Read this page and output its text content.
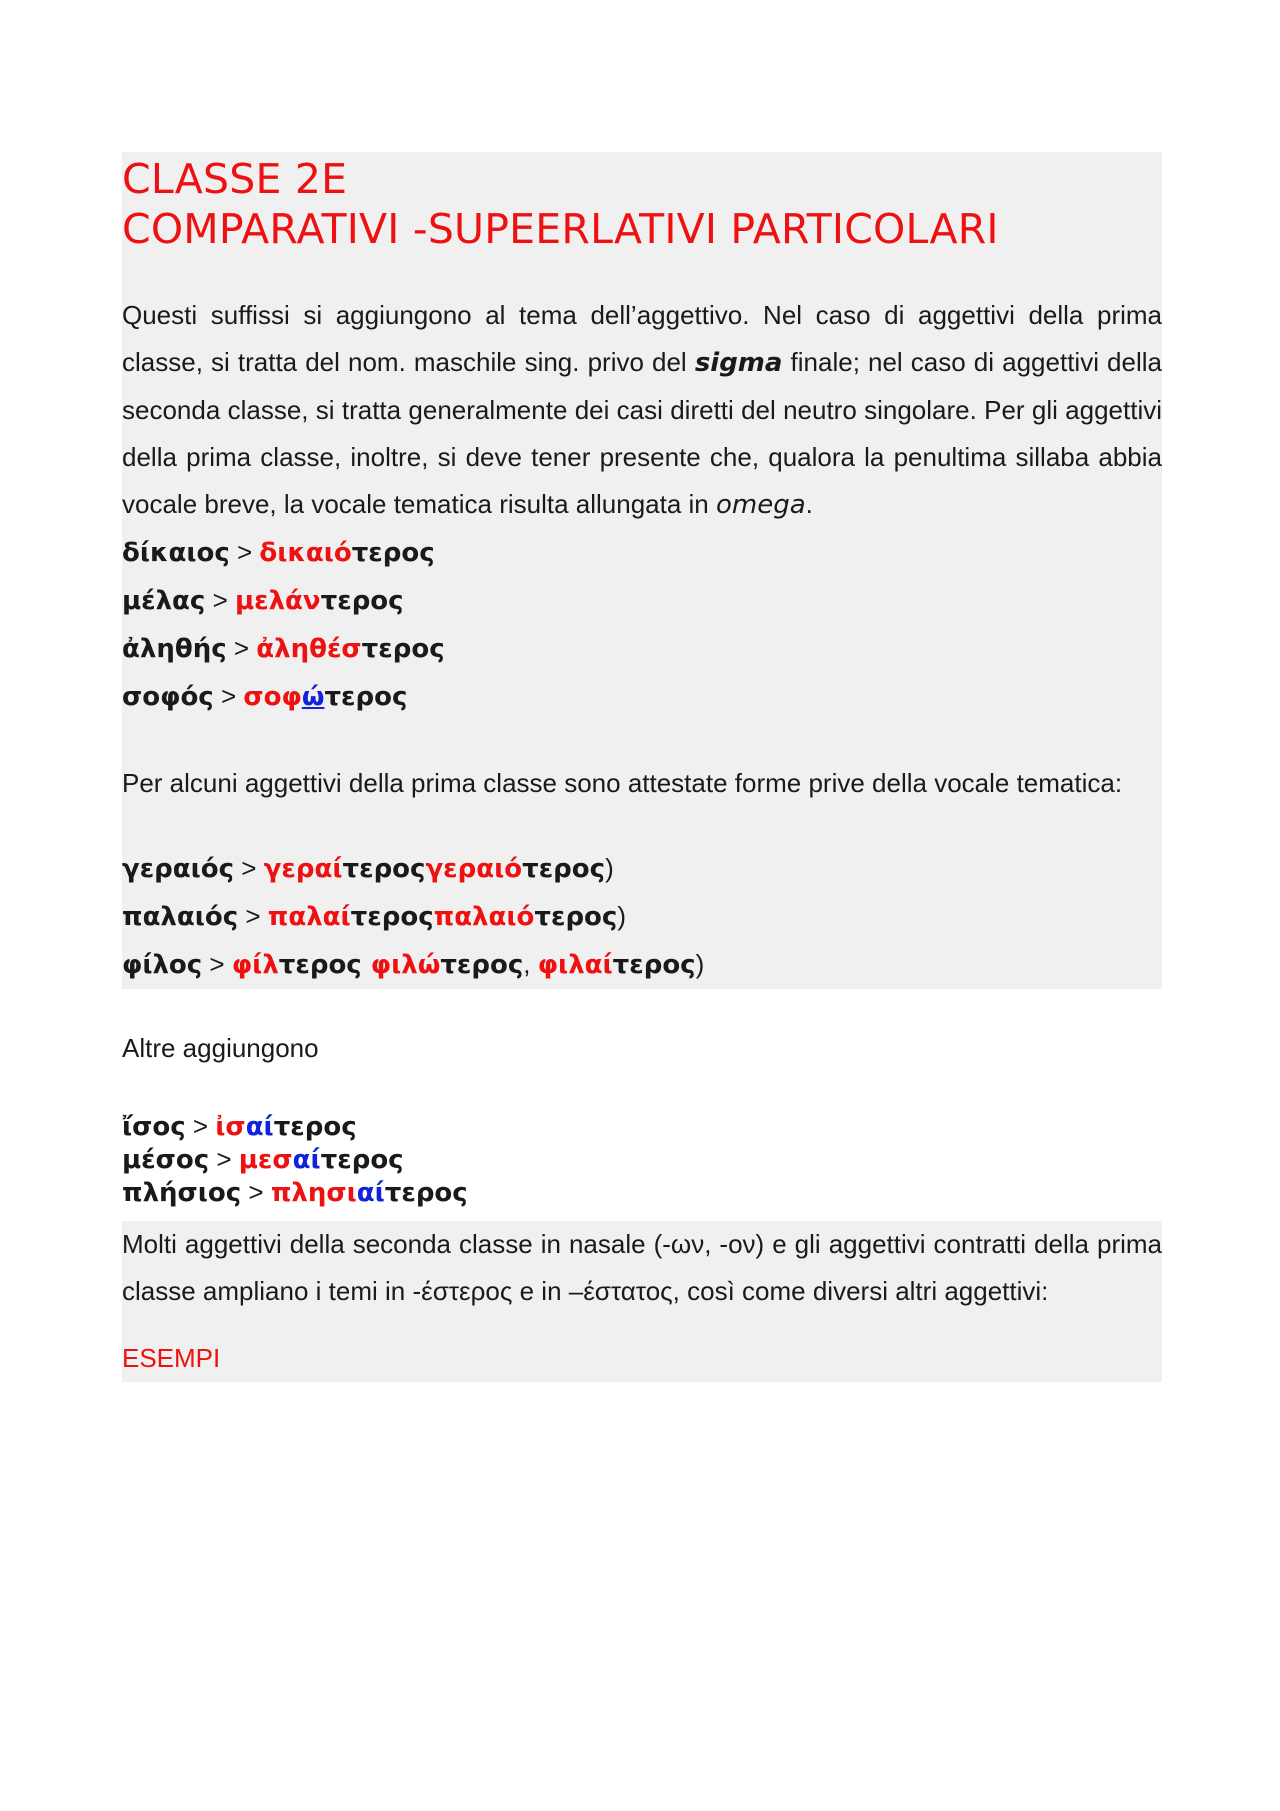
CLASSE 2E
COMPARATIVI -SUPEERLATIVI PARTICOLARI
Questi suffissi si aggiungono al tema dell’aggettivo. Nel caso di aggettivi della prima classe, si tratta del nom. maschile sing. privo del sigma finale; nel caso di aggettivi della seconda classe, si tratta generalmente dei casi diretti del neutro singolare. Per gli aggettivi della prima classe, inoltre, si deve tener presente che, qualora la penultima sillaba abbia vocale breve, la vocale tematica risulta allungata in omega.
δίκαιος > δικαιότερος
μέλας > μελάντερος
ἀληθής > ἀληθέστερος
σοφός > σοφώτερος
Per alcuni aggettivi della prima classe sono attestate forme prive della vocale tematica:
γεραιός > γεραίτεροςγεραιότερος)
παλαιός > παλαίτεροςπαλαιότερος)
φίλος > φίλτερος φιλώτερος, φιλαίτερος)
Altre aggiungono
ἴσος > ἰσαίτερος
μέσος > μεσαίτερος
πλήσιος > πλησιαίτερος
Molti aggettivi della seconda classe in nasale (-ων, -ον) e gli aggettivi contratti della prima classe ampliano i temi in -έστερος e in –έστατος, così come diversi altri aggettivi:
ESEMPI
